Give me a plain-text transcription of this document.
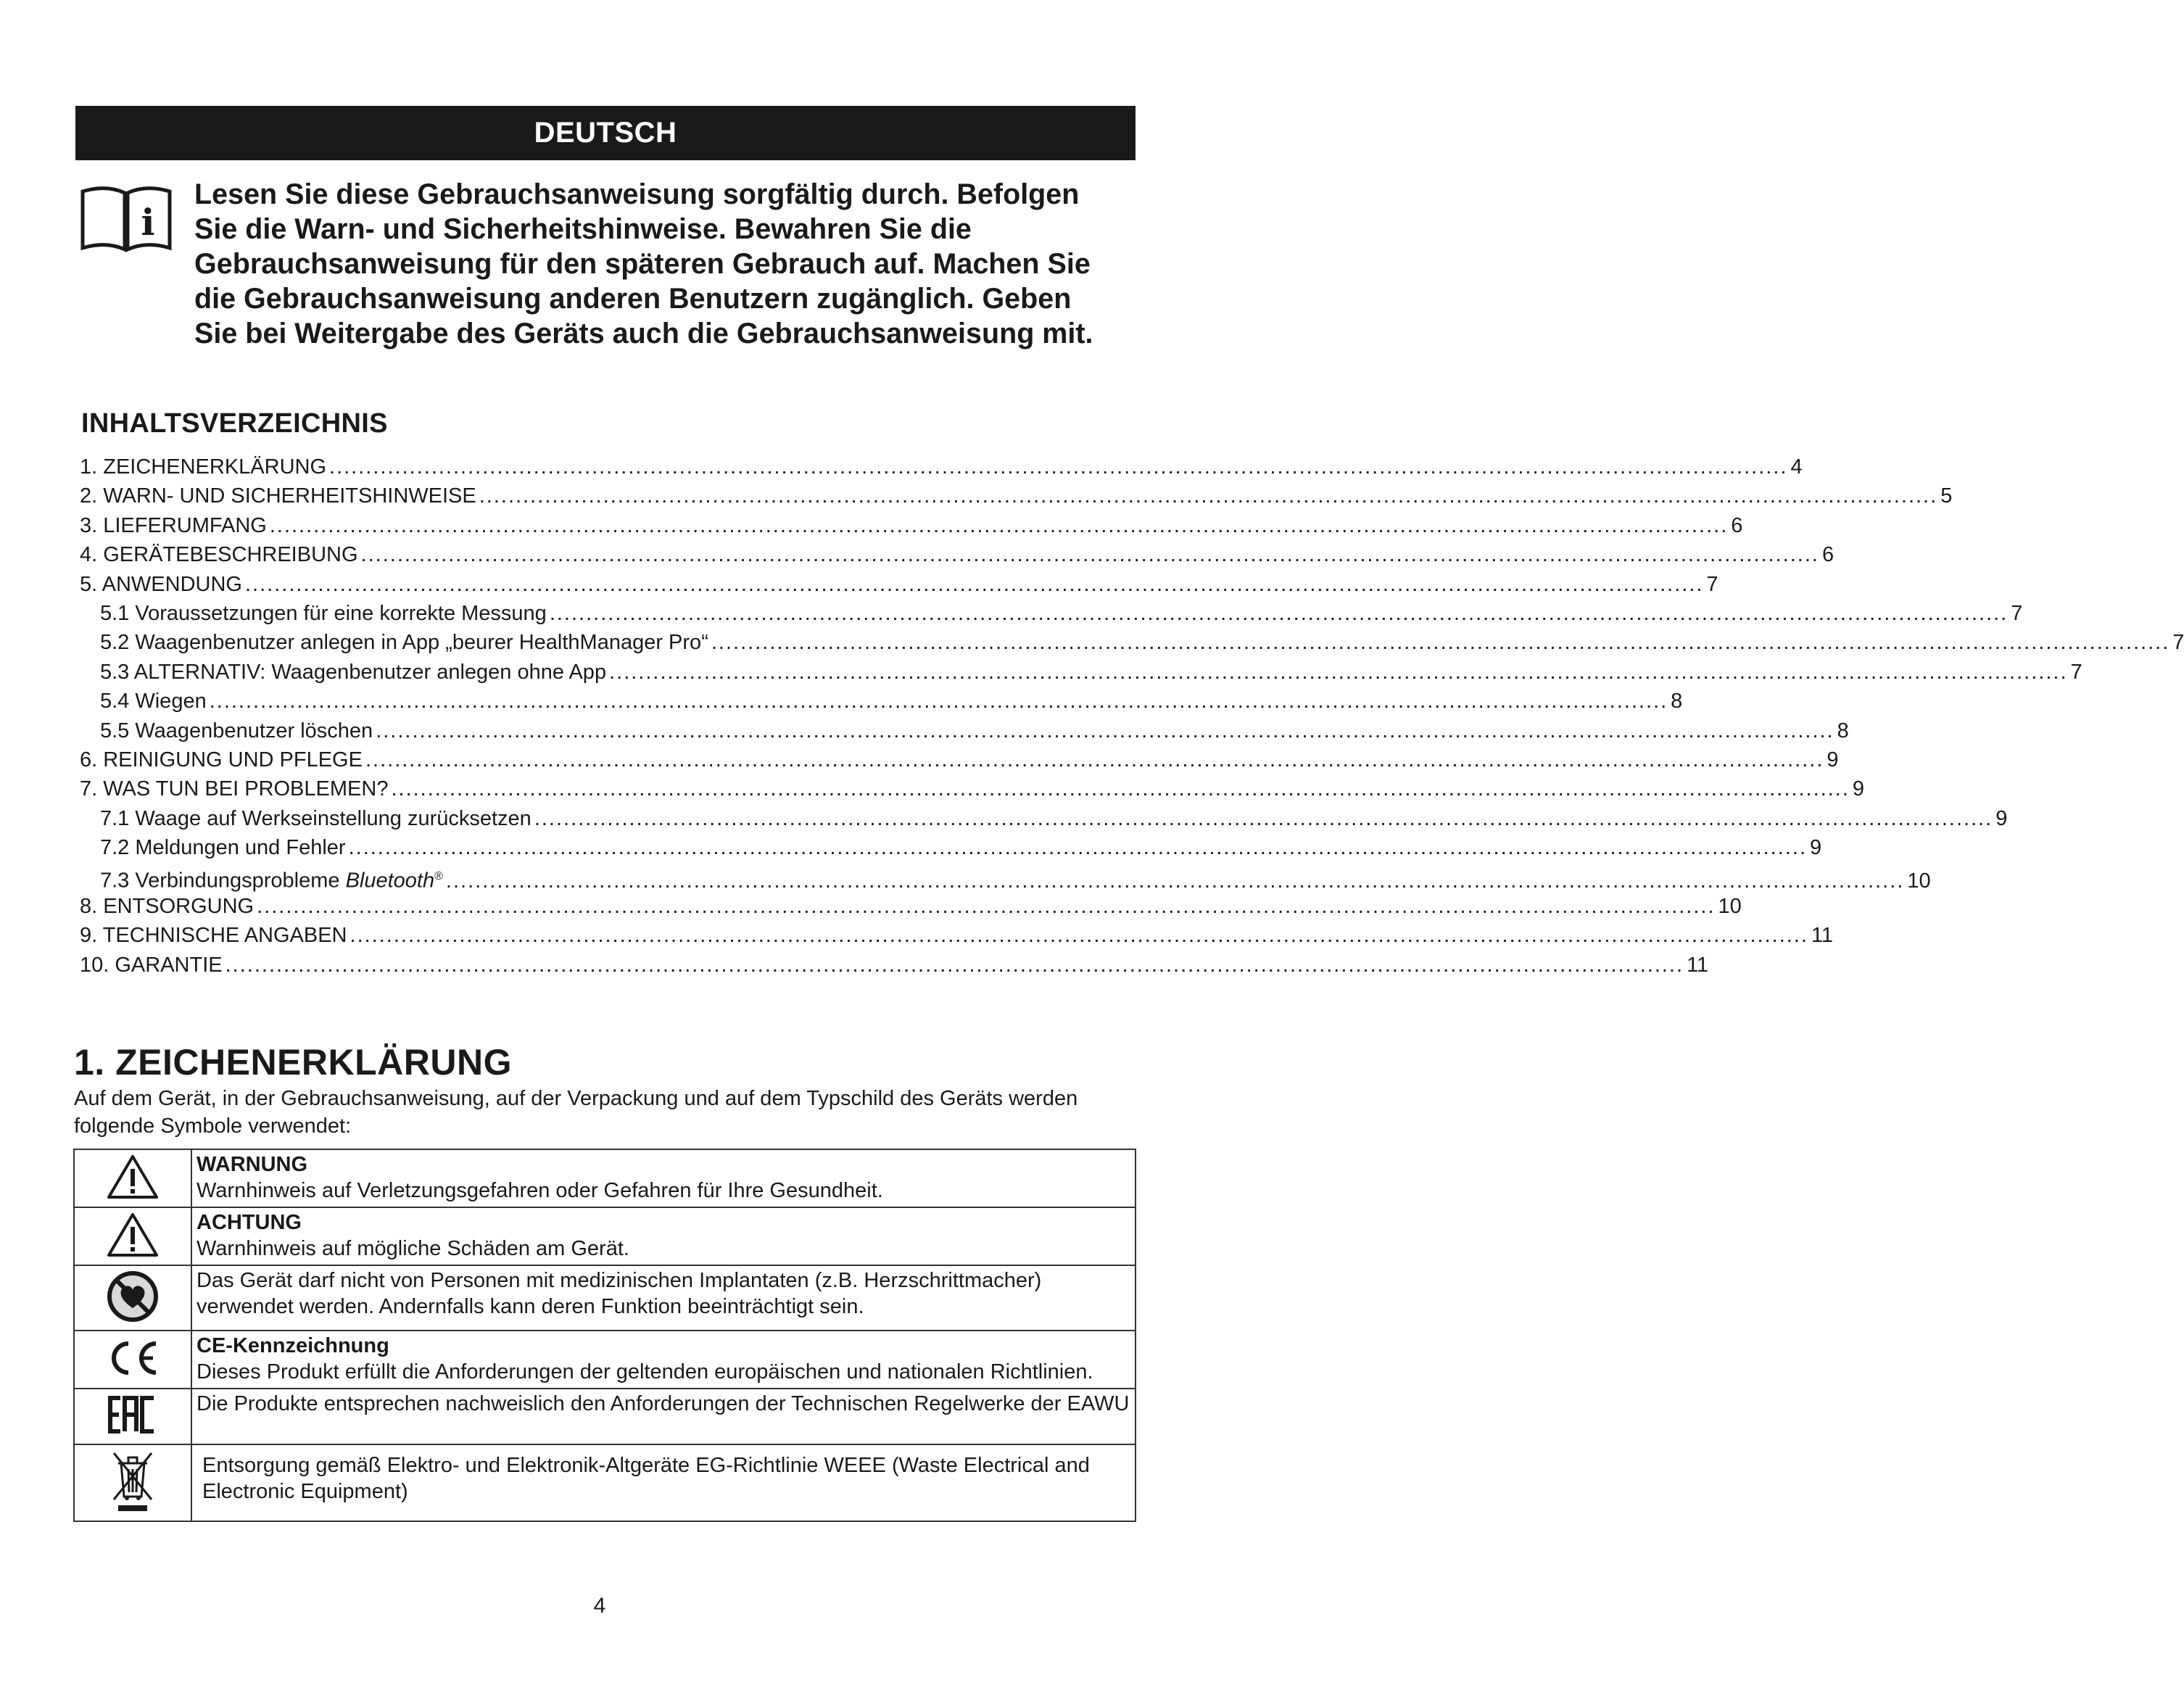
DEUTSCH
i
Lesen Sie diese Gebrauchsanweisung sorgfältig durch. Befolgen
Sie die Warn- und Sicherheitshinweise. Bewahren Sie die
Gebrauchsanweisung für den späteren Gebrauch auf. Machen Sie
die Gebrauchsanweisung anderen Benutzern zugänglich. Geben
Sie bei Weitergabe des Geräts auch die Gebrauchsanweisung mit.
INHALTSVERZEICHNIS
1. ZEICHENERKLÄRUNG ........................................................................................................................................................................................................ 4
2. WARN- UND SICHERHEITSHINWEISE ........................................................................................................................................................................................................ 5
3. LIEFERUMFANG ........................................................................................................................................................................................................ 6
4. GERÄTEBESCHREIBUNG ........................................................................................................................................................................................................ 6
5. ANWENDUNG ........................................................................................................................................................................................................ 7
5.1 Voraussetzungen für eine korrekte Messung ........................................................................................................................................................................................................ 7
5.2 Waagenbenutzer anlegen in App „beurer HealthManager Pro“ ........................................................................................................................................................................................................ 7
5.3 ALTERNATIV: Waagenbenutzer anlegen ohne App ........................................................................................................................................................................................................ 7
5.4 Wiegen ........................................................................................................................................................................................................ 8
5.5 Waagenbenutzer löschen ........................................................................................................................................................................................................ 8
6. REINIGUNG UND PFLEGE ........................................................................................................................................................................................................ 9
7. WAS TUN BEI PROBLEMEN? ........................................................................................................................................................................................................ 9
7.1 Waage auf Werkseinstellung zurücksetzen ........................................................................................................................................................................................................ 9
7.2 Meldungen und Fehler ........................................................................................................................................................................................................ 9
7.3 Verbindungsprobleme Bluetooth® ........................................................................................................................................................................................................ 10
8. ENTSORGUNG ........................................................................................................................................................................................................ 10
9. TECHNISCHE ANGABEN ........................................................................................................................................................................................................ 11
10. GARANTIE ........................................................................................................................................................................................................ 11
1. ZEICHENERKLÄRUNG
Auf dem Gerät, in der Gebrauchsanweisung, auf der Verpackung und auf dem Typschild des Geräts werden folgende Symbole verwendet:
	WARNUNG
Warnhinweis auf Verletzungsgefahren oder Gefahren für Ihre Gesundheit.
	ACHTUNG
Warnhinweis auf mögliche Schäden am Gerät.
	Das Gerät darf nicht von Personen mit medizinischen Implantaten (z.B. Herzschrittmacher) verwendet werden. Andernfalls kann deren Funktion beeinträchtigt sein.
	CE-Kennzeichnung
Dieses Produkt erfüllt die Anforderungen der geltenden europäischen und nationalen Richtlinien.
	Die Produkte entsprechen nachweislich den Anforderungen der Technischen Regelwerke der EAWU
	Entsorgung gemäß Elektro- und Elektronik-Altgeräte EG-Richtlinie WEEE (Waste Electrical and Electronic Equipment)
4
